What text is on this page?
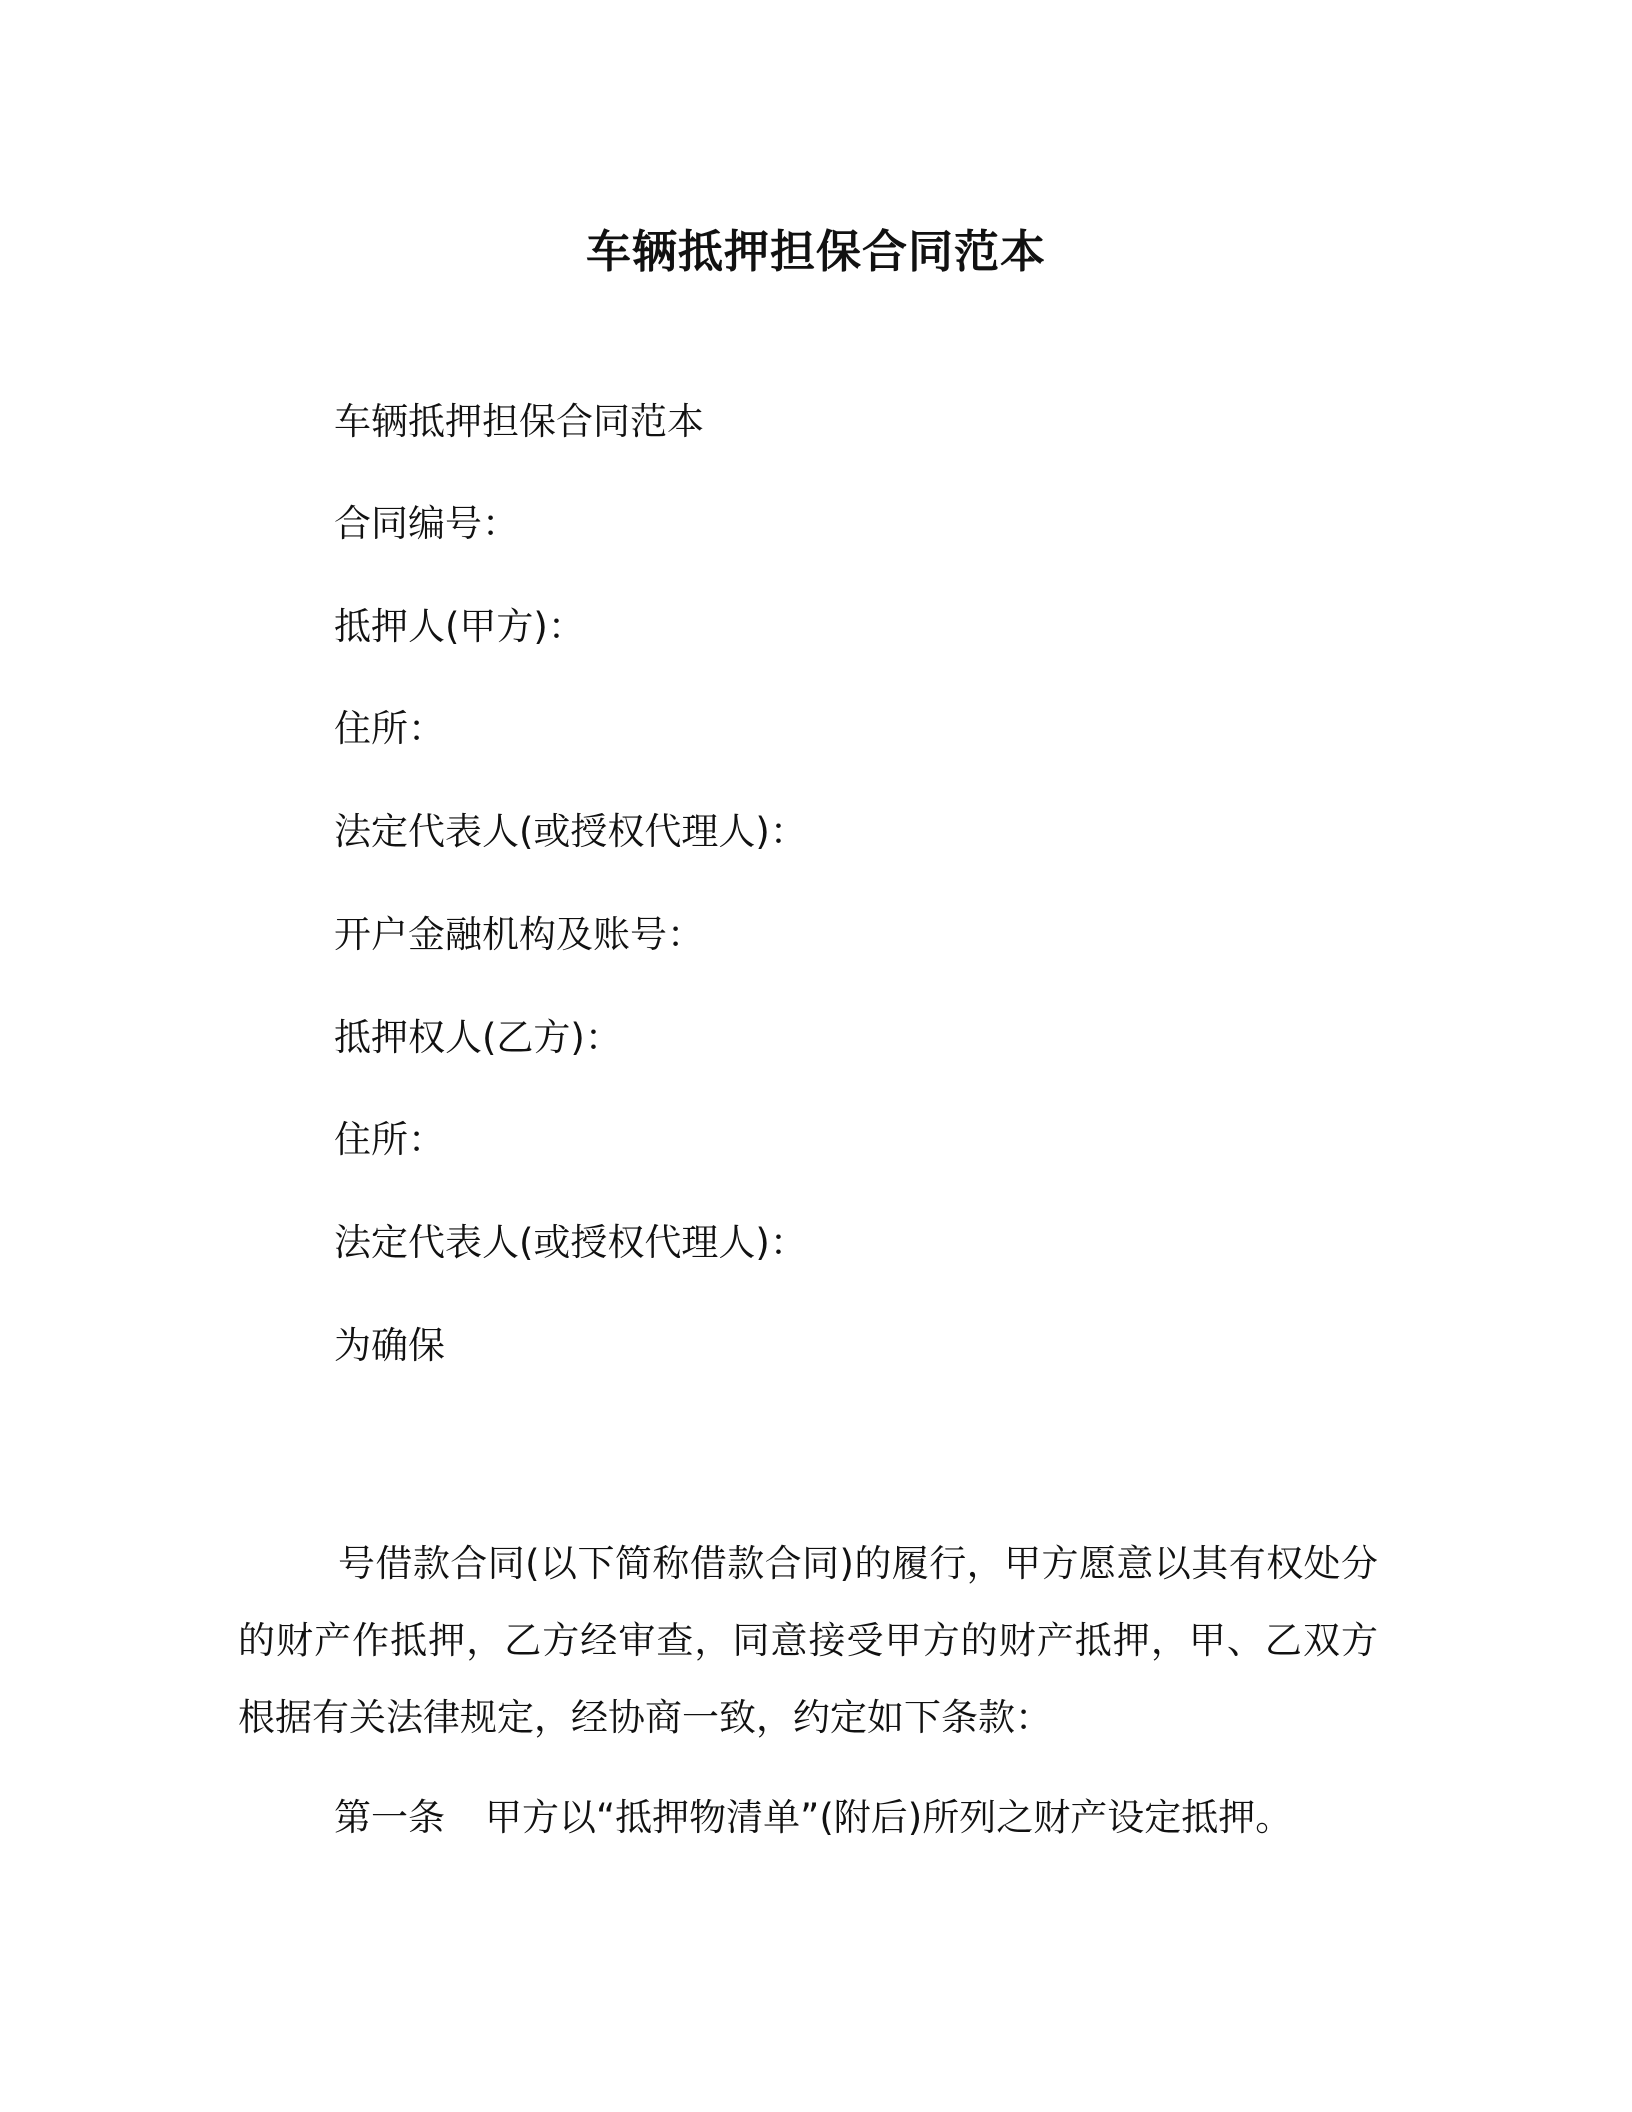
车辆抵押担保合同范本
车辆抵押担保合同范本
合同编号：
抵押人(甲方)：
住所：
法定代表人(或授权代理人)：
开户金融机构及账号：
抵押权人(乙方)：
住所：
法定代表人(或授权代理人)：
为确保
号借款合同(以下简称借款合同)的履行，甲方愿意以其有权处分的财产作抵押，乙方经审查，同意接受甲方的财产抵押，甲、乙双方根据有关法律规定，经协商一致，约定如下条款：
第一条 甲方以“抵押物清单”(附后)所列之财产设定抵押。
